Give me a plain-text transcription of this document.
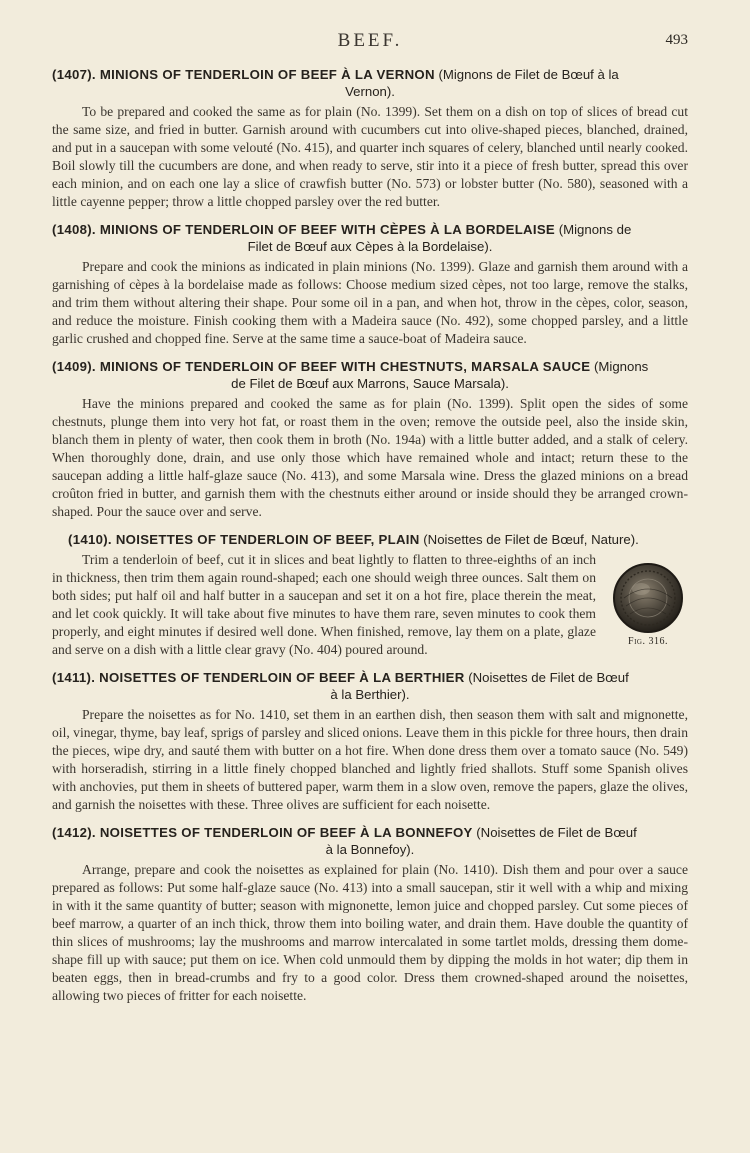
BEEF.	493
(1407). MINIONS OF TENDERLOIN OF BEEF À LA VERNON (Mignons de Filet de Bœuf à la
Vernon).

To be prepared and cooked the same as for plain (No. 1399). Set them on a dish on top of slices of bread cut the same size, and fried in butter. Garnish around with cucumbers cut into olive-shaped pieces, blanched, drained, and put in a saucepan with some velouté (No. 415), and quarter inch squares of celery, blanched until nearly cooked. Boil slowly till the cucumbers are done, and when ready to serve, stir into it a piece of fresh butter, spread this over each minion, and on each one lay a slice of crawfish butter (No. 573) or lobster butter (No. 580), seasoned with a little cayenne pepper; throw a little chopped parsley over the red butter.

(1408). MINIONS OF TENDERLOIN OF BEEF WITH CÈPES À LA BORDELAISE (Mignons de
Filet de Bœuf aux Cèpes à la Bordelaise).

Prepare and cook the minions as indicated in plain minions (No. 1399). Glaze and garnish them around with a garnishing of cèpes à la bordelaise made as follows: Choose medium sized cèpes, not too large, remove the stalks, and trim them without altering their shape. Pour some oil in a pan, and when hot, throw in the cèpes, color, season, and reduce the moisture. Finish cooking them with a Madeira sauce (No. 492), some chopped parsley, and a little garlic crushed and chopped fine. Serve at the same time a sauce-boat of Madeira sauce.

(1409). MINIONS OF TENDERLOIN OF BEEF WITH CHESTNUTS, MARSALA SAUCE (Mignons
de Filet de Bœuf aux Marrons, Sauce Marsala).

Have the minions prepared and cooked the same as for plain (No. 1399). Split open the sides of some chestnuts, plunge them into very hot fat, or roast them in the oven; remove the outside peel, also the inside skin, blanch them in plenty of water, then cook them in broth (No. 194a) with a little butter added, and a stalk of celery. When thoroughly done, drain, and use only those which have remained whole and intact; return these to the saucepan adding a little half-glaze sauce (No. 413), and some Marsala wine. Dress the glazed minions on a bread croûton fried in butter, and garnish them with the chestnuts either around or inside should they be arranged crown-shaped. Pour the sauce over and serve.

(1410). NOISETTES OF TENDERLOIN OF BEEF, PLAIN (Noisettes de Filet de Bœuf, Nature).
Fig. 316.

Trim a tenderloin of beef, cut it in slices and beat lightly to flatten to three-eighths of an inch in thickness, then trim them again round-shaped; each one should weigh three ounces. Salt them on both sides; put half oil and half butter in a saucepan and set it on a hot fire, place therein the meat, and let cook quickly. It will take about five minutes to have them rare, seven minutes to cook them properly, and eight minutes if desired well done. When finished, remove, lay them on a plate, glaze and serve on a dish with a little clear gravy (No. 404) poured around.

(1411). NOISETTES OF TENDERLOIN OF BEEF À LA BERTHIER (Noisettes de Filet de Bœuf
à la Berthier).

Prepare the noisettes as for No. 1410, set them in an earthen dish, then season them with salt and mignonette, oil, vinegar, thyme, bay leaf, sprigs of parsley and sliced onions. Leave them in this pickle for three hours, then drain the pieces, wipe dry, and sauté them with butter on a hot fire. When done dress them over a tomato sauce (No. 549) with horseradish, stirring in a little finely chopped blanched and lightly fried shallots. Stuff some Spanish olives with anchovies, put them in sheets of buttered paper, warm them in a slow oven, remove the papers, glaze the olives, and garnish the noisettes with these. Three olives are sufficient for each noisette.

(1412). NOISETTES OF TENDERLOIN OF BEEF À LA BONNEFOY (Noisettes de Filet de Bœuf
à la Bonnefoy).

Arrange, prepare and cook the noisettes as explained for plain (No. 1410). Dish them and pour over a sauce prepared as follows: Put some half-glaze sauce (No. 413) into a small saucepan, stir it well with a whip and mixing in with it the same quantity of butter; season with mignonette, lemon juice and chopped parsley. Cut some pieces of beef marrow, a quarter of an inch thick, throw them into boiling water, and drain them. Have double the quantity of thin slices of mushrooms; lay the mushrooms and marrow intercalated in some tartlet molds, dressing them dome-shape fill up with sauce; put them on ice. When cold unmould them by dipping the molds in hot water; dip them in beaten eggs, then in bread-crumbs and fry to a good color. Dress them crowned-shaped around the noisettes, allowing two pieces of fritter for each noisette.
